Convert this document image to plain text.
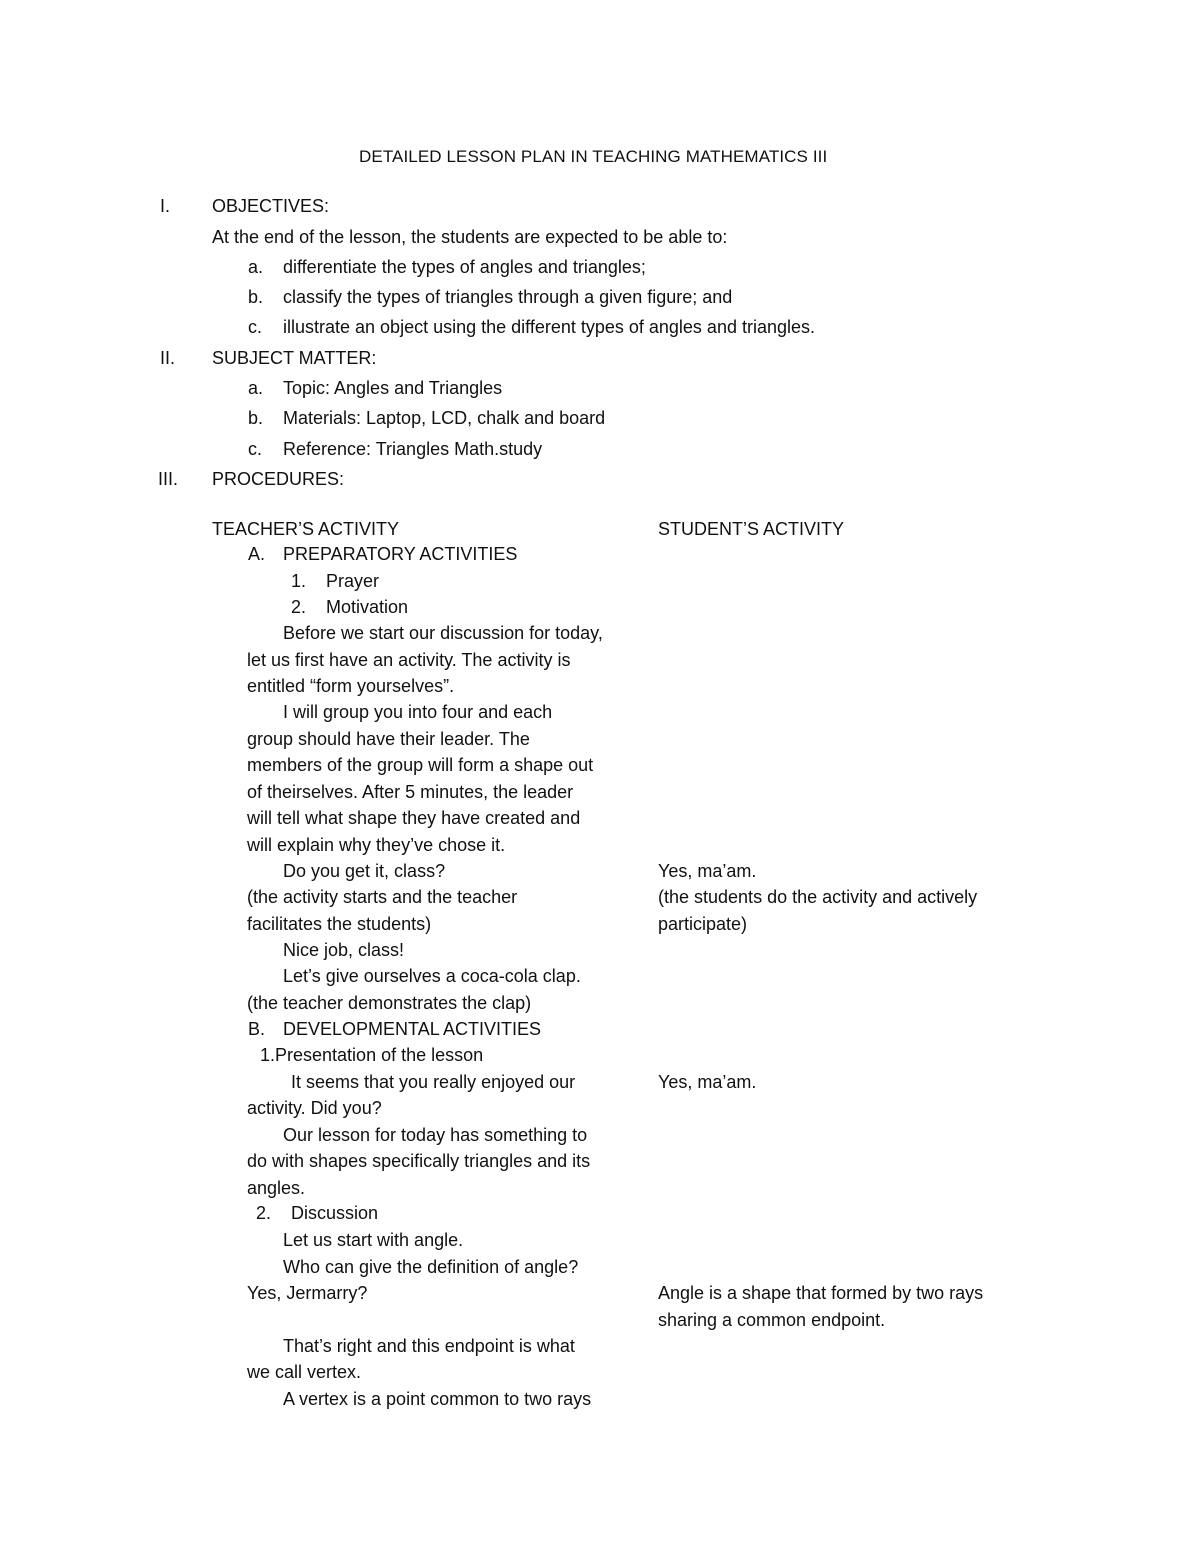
DETAILED LESSON PLAN IN TEACHING MATHEMATICS III
I. OBJECTIVES:
At the end of the lesson, the students are expected to be able to:
a. differentiate the types of angles and triangles;
b. classify the types of triangles through a given figure; and
c. illustrate an object using the different types of angles and triangles.
II. SUBJECT MATTER:
a. Topic: Angles and Triangles
b. Materials: Laptop, LCD, chalk and board
c. Reference: Triangles Math.study
III. PROCEDURES:
TEACHER’S ACTIVITY	STUDENT’S ACTIVITY
A. PREPARATORY ACTIVITIES
1. Prayer
2. Motivation
Before we start our discussion for today,
let us first have an activity. The activity is
entitled “form yourselves”.
I will group you into four and each
group should have their leader. The
members of the group will form a shape out
of theirselves. After 5 minutes, the leader
will tell what shape they have created and
will explain why they’ve chose it.
Do you get it, class?
(the activity starts and the teacher
facilitates the students)
Nice job, class!
Let’s give ourselves a coca-cola clap.
(the teacher demonstrates the clap)
B. DEVELOPMENTAL ACTIVITIES
1.Presentation of the lesson
It seems that you really enjoyed our
activity. Did you?
Our lesson for today has something to
do with shapes specifically triangles and its
angles.
2. Discussion
Let us start with angle.
Who can give the definition of angle?
Yes, Jermarry?
That’s right and this endpoint is what
we call vertex.
A vertex is a point common to two rays
Yes, ma’am.
(the students do the activity and actively
participate)
Yes, ma’am.
Angle is a shape that formed by two rays
sharing a common endpoint.
